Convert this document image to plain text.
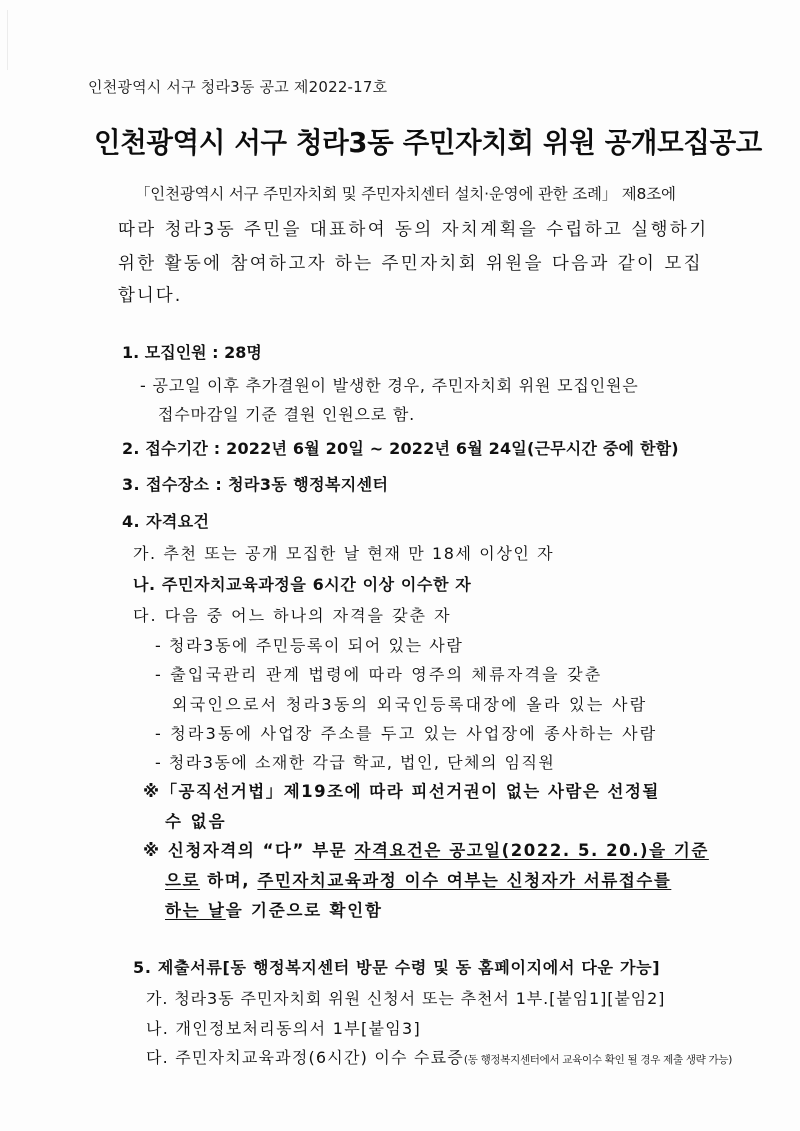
인천광역시 서구 청라3동 공고 제2022-17호
인천광역시 서구 청라3동 주민자치회 위원 공개모집공고
「인천광역시 서구 주민자치회 및 주민자치센터 설치·운영에 관한 조례」 제8조에
따라 청라3동 주민을 대표하여 동의 자치계획을 수립하고 실행하기
위한 활동에 참여하고자 하는 주민자치회 위원을 다음과 같이 모집
합니다.
1. 모집인원 : 28명
- 공고일 이후 추가결원이 발생한 경우, 주민자치회 위원 모집인원은
접수마감일 기준 결원 인원으로 함.
2. 접수기간 : 2022년 6월 20일 ~ 2022년 6월 24일(근무시간 중에 한함)
3. 접수장소 : 청라3동 행정복지센터
4. 자격요건
가. 추천 또는 공개 모집한 날 현재 만 18세 이상인 자
나. 주민자치교육과정을 6시간 이상 이수한 자
다. 다음 중 어느 하나의 자격을 갖춘 자
- 청라3동에 주민등록이 되어 있는 사람
- 출입국관리 관계 법령에 따라 영주의 체류자격을 갖춘
외국인으로서 청라3동의 외국인등록대장에 올라 있는 사람
- 청라3동에 사업장 주소를 두고 있는 사업장에 종사하는 사람
- 청라3동에 소재한 각급 학교, 법인, 단체의 임직원
※「공직선거법」제19조에 따라 피선거권이 없는 사람은 선정될
수 없음
※ 신청자격의 “다” 부문 자격요건은 공고일(2022. 5. 20.)을 기준
으로 하며, 주민자치교육과정 이수 여부는 신청자가 서류접수를
하는 날을 기준으로 확인함
5. 제출서류[동 행정복지센터 방문 수령 및 동 홈페이지에서 다운 가능]
가. 청라3동 주민자치회 위원 신청서 또는 추천서 1부.[붙임1][붙임2]
나. 개인정보처리동의서 1부[붙임3]
다. 주민자치교육과정(6시간) 이수 수료증(동 행정복지센터에서 교육이수 확인 될 경우 제출 생략 가능)
